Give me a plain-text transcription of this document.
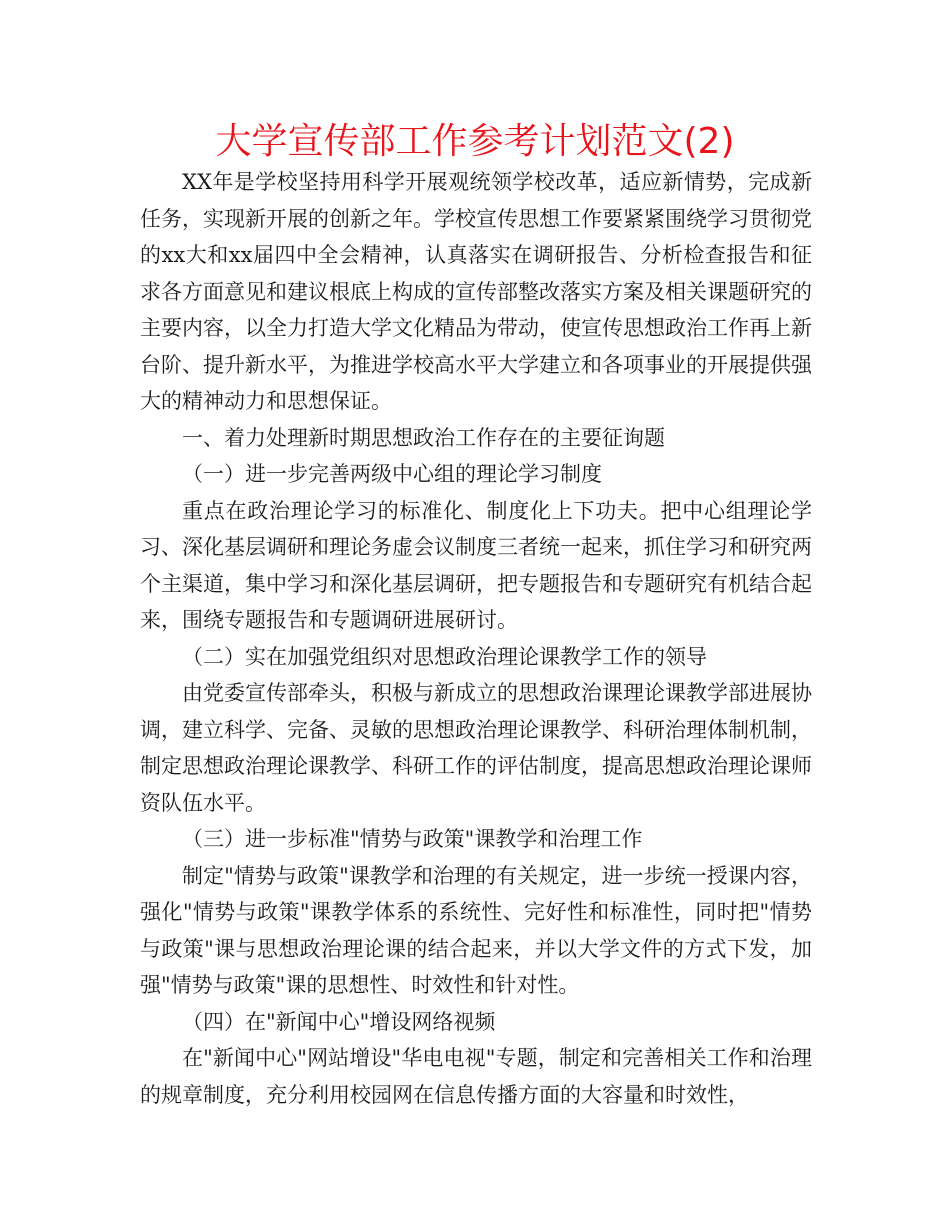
大学宣传部工作参考计划范文(2)

XX年是学校坚持用科学开展观统领学校改革，适应新情势，完成新任务，实现新开展的创新之年。学校宣传思想工作要紧紧围绕学习贯彻党的xx大和xx届四中全会精神，认真落实在调研报告、分析检查报告和征求各方面意见和建议根底上构成的宣传部整改落实方案及相关课题研究的主要内容，以全力打造大学文化精品为带动，使宣传思想政治工作再上新台阶、提升新水平，为推进学校高水平大学建立和各项事业的开展提供强大的精神动力和思想保证。

一、着力处理新时期思想政治工作存在的主要征询题

（一）进一步完善两级中心组的理论学习制度

重点在政治理论学习的标准化、制度化上下功夫。把中心组理论学习、深化基层调研和理论务虚会议制度三者统一起来，抓住学习和研究两个主渠道，集中学习和深化基层调研，把专题报告和专题研究有机结合起来，围绕专题报告和专题调研进展研讨。

（二）实在加强党组织对思想政治理论课教学工作的领导

由党委宣传部牵头，积极与新成立的思想政治课理论课教学部进展协调，建立科学、完备、灵敏的思想政治理论课教学、科研治理体制机制，制定思想政治理论课教学、科研工作的评估制度，提高思想政治理论课师资队伍水平。

（三）进一步标准"情势与政策"课教学和治理工作

制定"情势与政策"课教学和治理的有关规定，进一步统一授课内容，强化"情势与政策"课教学体系的系统性、完好性和标准性，同时把"情势与政策"课与思想政治理论课的结合起来，并以大学文件的方式下发，加强"情势与政策"课的思想性、时效性和针对性。

（四）在"新闻中心"增设网络视频

在"新闻中心"网站增设"华电电视"专题，制定和完善相关工作和治理的规章制度，充分利用校园网在信息传播方面的大容量和时效性，
